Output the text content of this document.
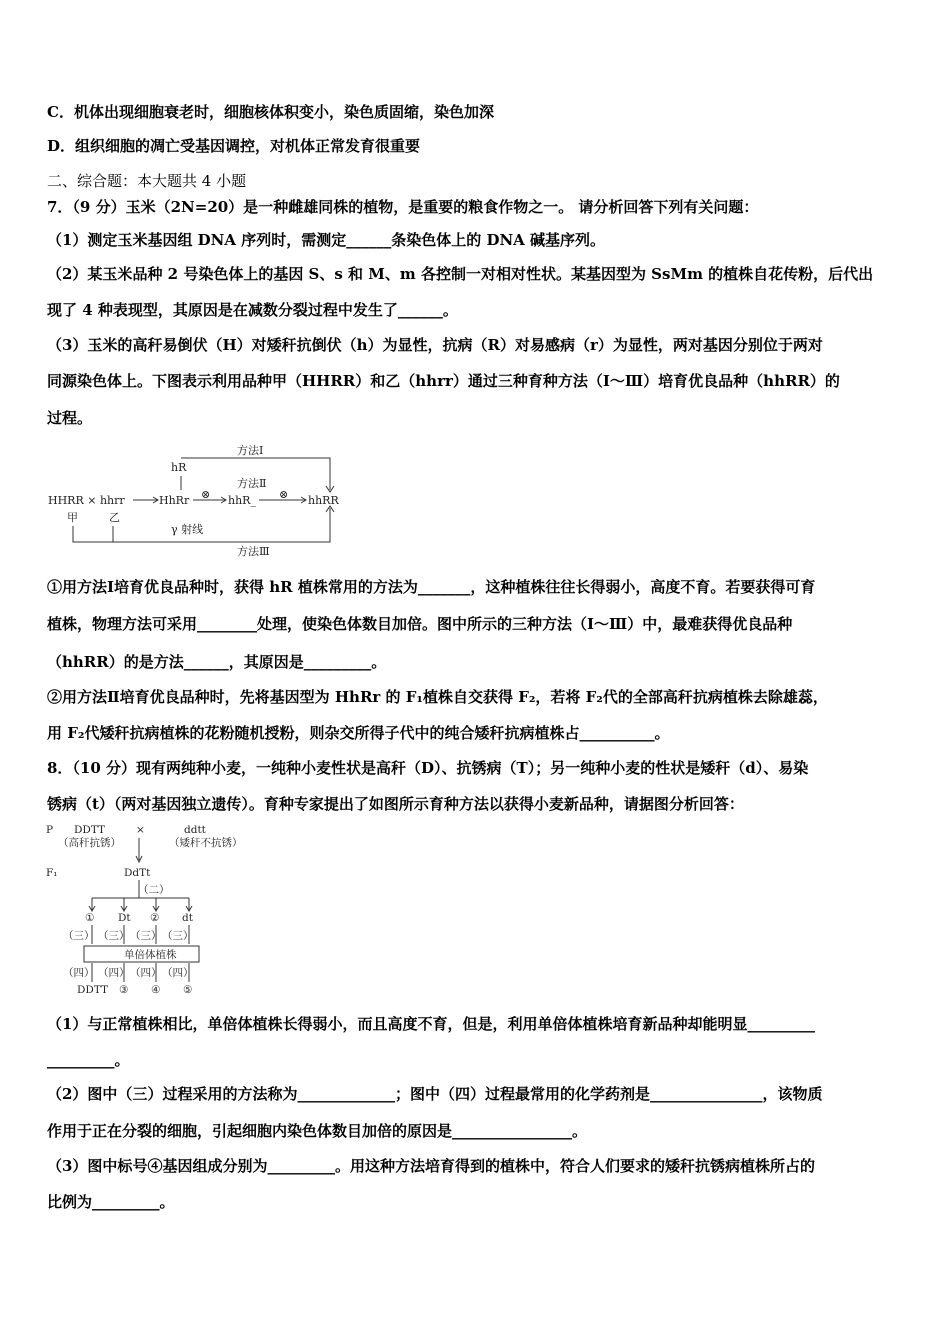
C．机体出现细胞衰老时，细胞核体积变小，染色质固缩，染色加深
D．组织细胞的凋亡受基因调控，对机体正常发育很重要
二、综合题：本大题共 4 小题
7．（9 分）玉米（2N=20）是一种雌雄同株的植物，是重要的粮食作物之一。 请分析回答下列有关问题：
（1）测定玉米基因组 DNA 序列时，需测定______条染色体上的 DNA 碱基序列。
（2）某玉米品种 2 号染色体上的基因 S、s 和 M、m 各控制一对相对性状。某基因型为 SsMm 的植株自花传粉，后代出
现了 4 种表现型，其原因是在减数分裂过程中发生了______。
（3）玉米的高秆易倒伏（H）对矮秆抗倒伏（h）为显性，抗病（R）对易感病（r）为显性，两对基因分别位于两对
同源染色体上。下图表示利用品种甲（HHRR）和乙（hhrr）通过三种育种方法（Ⅰ～Ⅲ）培育优良品种（hhRR）的
过程。
方法Ⅰ
方法Ⅱ
方法Ⅲ
hR
HHRR × hhrr	HhRr	hhR_	hhRR
⊗	⊗
甲	乙
γ 射线
①用方法Ⅰ培育优良品种时，获得 hR 植株常用的方法为_______，这种植株往往长得弱小，高度不育。若要获得可育
植株，物理方法可采用________处理，使染色体数目加倍。图中所示的三种方法（Ⅰ～Ⅲ）中，最难获得优良品种
（hhRR）的是方法______，其原因是_________。
②用方法Ⅱ培育优良品种时，先将基因型为 HhRr 的 F₁植株自交获得 F₂，若将 F₂代的全部高秆抗病植株去除雄蕊，
用 F₂代矮秆抗病植株的花粉随机授粉，则杂交所得子代中的纯合矮秆抗病植株占__________。
8．（10 分）现有两纯种小麦，一纯种小麦性状是高秆（D）、抗锈病（T）；另一纯种小麦的性状是矮秆（d）、易染
锈病（t）（两对基因独立遗传）。育种专家提出了如图所示育种方法以获得小麦新品种，请据图分析回答：
P DDTT	×	ddtt
（高秆抗锈）	（矮秆不抗锈）
F₁	DdTt
（二）
① Dt ② dt
（三） （三） （三） （三）
单倍体植株
（四） （四） （四） （四）
DDTT ③ ④ ⑤
（1）与正常植株相比，单倍体植株长得弱小，而且高度不育，但是，利用单倍体植株培育新品种却能明显_________
_________。
（2）图中（三）过程采用的方法称为_____________；图中（四）过程最常用的化学药剂是_______________，该物质
作用于正在分裂的细胞，引起细胞内染色体数目加倍的原因是________________。
（3）图中标号④基因组成分别为_________。用这种方法培育得到的植株中，符合人们要求的矮秆抗锈病植株所占的
比例为_________。
